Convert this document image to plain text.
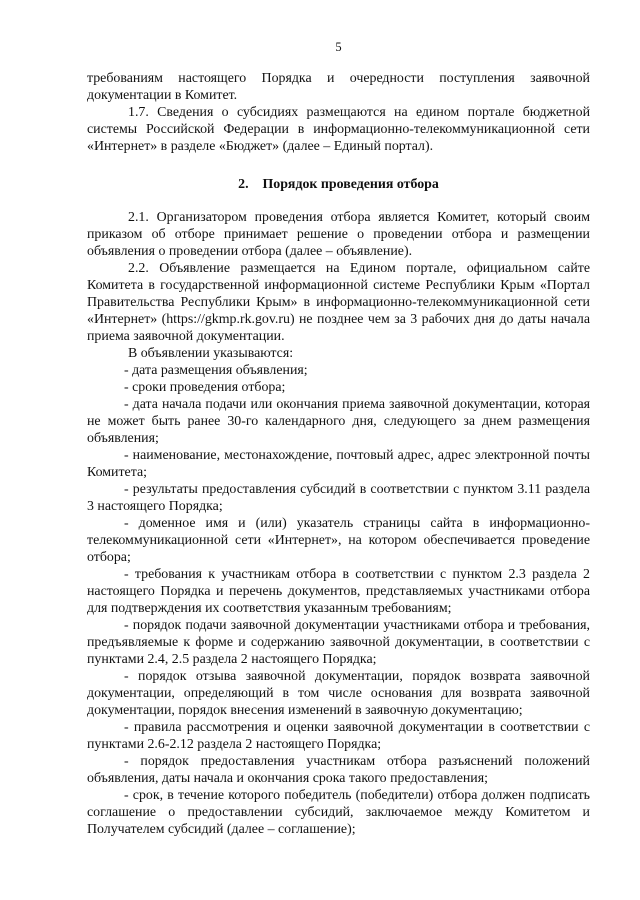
5

требованиям настоящего Порядка и очередности поступления заявочной документации в Комитет.

1.7. Сведения о субсидиях размещаются на едином портале бюджетной системы Российской Федерации в информационно-телекоммуникационной сети «Интернет» в разделе «Бюджет» (далее – Единый портал).

2. Порядок проведения отбора

2.1. Организатором проведения отбора является Комитет, который своим приказом об отборе принимает решение о проведении отбора и размещении объявления о проведении отбора (далее – объявление).

2.2. Объявление размещается на Едином портале, официальном сайте Комитета в государственной информационной системе Республики Крым «Портал Правительства Республики Крым» в информационно-телекоммуникационной сети «Интернет» (https://gkmp.rk.gov.ru) не позднее чем за 3 рабочих дня до даты начала приема заявочной документации.

В объявлении указываются:

- дата размещения объявления;

- сроки проведения отбора;

- дата начала подачи или окончания приема заявочной документации, которая не может быть ранее 30-го календарного дня, следующего за днем размещения объявления;

- наименование, местонахождение, почтовый адрес, адрес электронной почты Комитета;

- результаты предоставления субсидий в соответствии с пунктом 3.11 раздела 3 настоящего Порядка;

- доменное имя и (или) указатель страницы сайта в информационно-телекоммуникационной сети «Интернет», на котором обеспечивается проведение отбора;

- требования к участникам отбора в соответствии с пунктом 2.3 раздела 2 настоящего Порядка и перечень документов, представляемых участниками отбора для подтверждения их соответствия указанным требованиям;

- порядок подачи заявочной документации участниками отбора и требования, предъявляемые к форме и содержанию заявочной документации, в соответствии с пунктами 2.4, 2.5 раздела 2 настоящего Порядка;

- порядок отзыва заявочной документации, порядок возврата заявочной документации, определяющий в том числе основания для возврата заявочной документации, порядок внесения изменений в заявочную документацию;

- правила рассмотрения и оценки заявочной документации в соответствии с пунктами 2.6-2.12 раздела 2 настоящего Порядка;

- порядок предоставления участникам отбора разъяснений положений объявления, даты начала и окончания срока такого предоставления;

- срок, в течение которого победитель (победители) отбора должен подписать соглашение о предоставлении субсидий, заключаемое между Комитетом и Получателем субсидий (далее – соглашение);
